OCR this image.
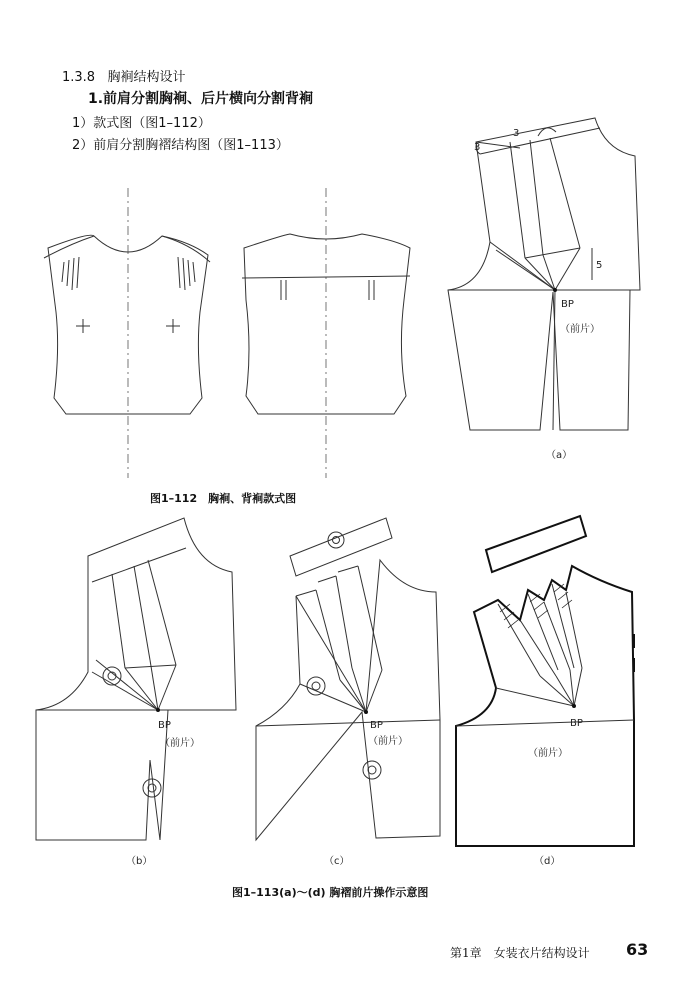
1.3.8 胸裥结构设计
1.前肩分割胸裥、后片横向分割背裥
1）款式图（图1–112）
2）前肩分割胸褶结构图（图1–113）
3
3
5
BP
（前片）
（a）
BP
（前片）
（b）
BP
（前片）
（c）
BP
（前片）
（d）
图1–112　胸裥、背裥款式图
图1–113(a)～(d) 胸褶前片操作示意图
第1章　女装衣片结构设计 63
